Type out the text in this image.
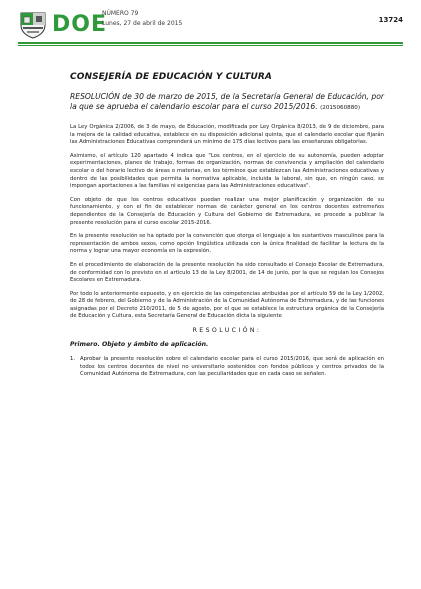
DOE
NÚMERO 79
Lunes, 27 de abril de 2015	13724
CONSEJERÍA DE EDUCACIÓN Y CULTURA
RESOLUCIÓN de 30 de marzo de 2015, de la Secretaría General de Educación, por la que se aprueba el calendario escolar para el curso 2015/2016. (2015060880)

La Ley Orgánica 2/2006, de 3 de mayo, de Educación, modificada por Ley Orgánica 8/2013, de 9 de diciembre, para la mejora de la calidad educativa, establece en su disposición adicional quinta, que el calendario escolar que fijarán las Administraciones Educativas comprenderá un mínimo de 175 días lectivos para las enseñanzas obligatorias.

Asimismo, el artículo 120 apartado 4 indica que "Los centros, en el ejercicio de su autonomía, pueden adoptar experimentaciones, planes de trabajo, formas de organización, normas de convivencia y ampliación del calendario escolar o del horario lectivo de áreas o materias, en los términos que establezcan las Administraciones educativas y dentro de las posibilidades que permita la normativa aplicable, incluida la laboral, sin que, en ningún caso, se impongan aportaciones a las familias ni exigencias para las Administraciones educativas".

Con objeto de que los centros educativos puedan realizar una mejor planificación y organización de su funcionamiento, y con el fin de establecer normas de carácter general en los centros docentes extremeños dependientes de la Consejería de Educación y Cultura del Gobierno de Extremadura, se procede a publicar la presente resolución para el curso escolar 2015-2016.

En la presente resolución se ha optado por la convención que otorga el lenguaje a los sustantivos masculinos para la representación de ambos sexos, como opción lingüística utilizada con la única finalidad de facilitar la lectura de la norma y lograr una mayor economía en la expresión.

En el procedimiento de elaboración de la presente resolución ha sido consultado el Consejo Escolar de Extremadura, de conformidad con lo previsto en el artículo 13 de la Ley 8/2001, de 14 de junio, por la que se regulan los Consejos Escolares en Extremadura.

Por todo lo anteriormente expuesto, y en ejercicio de las competencias atribuidas por el artículo 59 de la Ley 1/2002, de 28 de febrero, del Gobierno y de la Administración de la Comunidad Autónoma de Extremadura, y de las funciones asignadas por el Decreto 210/2011, de 5 de agosto, por el que se establece la estructura orgánica de la Consejería de Educación y Cultura, esta Secretaría General de Educación dicta la siguiente

RESOLUCIÓN:
Primero. Objeto y ámbito de aplicación.
1. Aprobar la presente resolución sobre el calendario escolar para el curso 2015/2016, que será de aplicación en todos los centros docentes de nivel no universitario sostenidos con fondos públicos y centros privados de la Comunidad Autónoma de Extremadura, con las peculiaridades que en cada caso se señalen.
